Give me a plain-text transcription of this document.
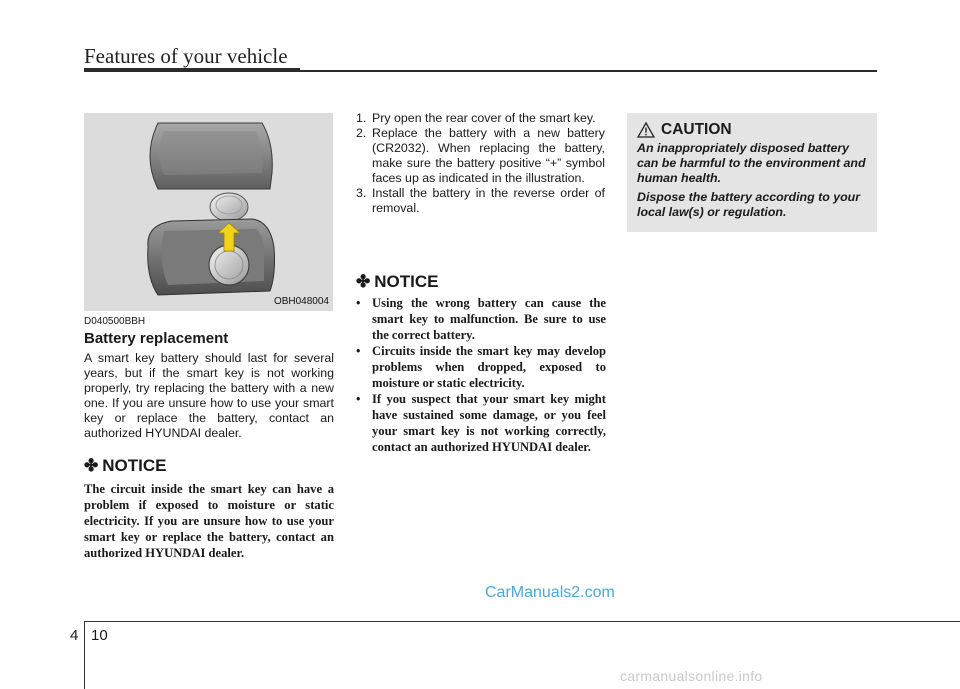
Features of your vehicle
OBH048004
D040500BBH
Battery replacement
A smart key battery should last for several years, but if the smart key is not working properly, try replacing the battery with a new one. If you are unsure how to use your smart key or replace the battery, contact an authorized HYUNDAI dealer.
✤ NOTICE
The circuit inside the smart key can have a problem if exposed to moisture or static electricity. If you are unsure how to use your smart key or replace the battery, contact an authorized HYUNDAI dealer.
1. Pry open the rear cover of the smart key.
2. Replace the battery with a new battery (CR2032). When replacing the battery, make sure the battery positive “+” symbol faces up as indicated in the illustration.
3. Install the battery in the reverse order of removal.
✤ NOTICE
• Using the wrong battery can cause the smart key to malfunction. Be sure to use the correct battery.
• Circuits inside the smart key may develop problems when dropped, exposed to moisture or static electricity.
• If you suspect that your smart key might have sustained some damage, or you feel your smart key is not working correctly, contact an authorized HYUNDAI dealer.
CAUTION

An inappropriately disposed battery can be harmful to the environment and human health.

Dispose the battery according to your local law(s) or regulation.

CarManuals2.com
4 10
carmanualsonline.info
